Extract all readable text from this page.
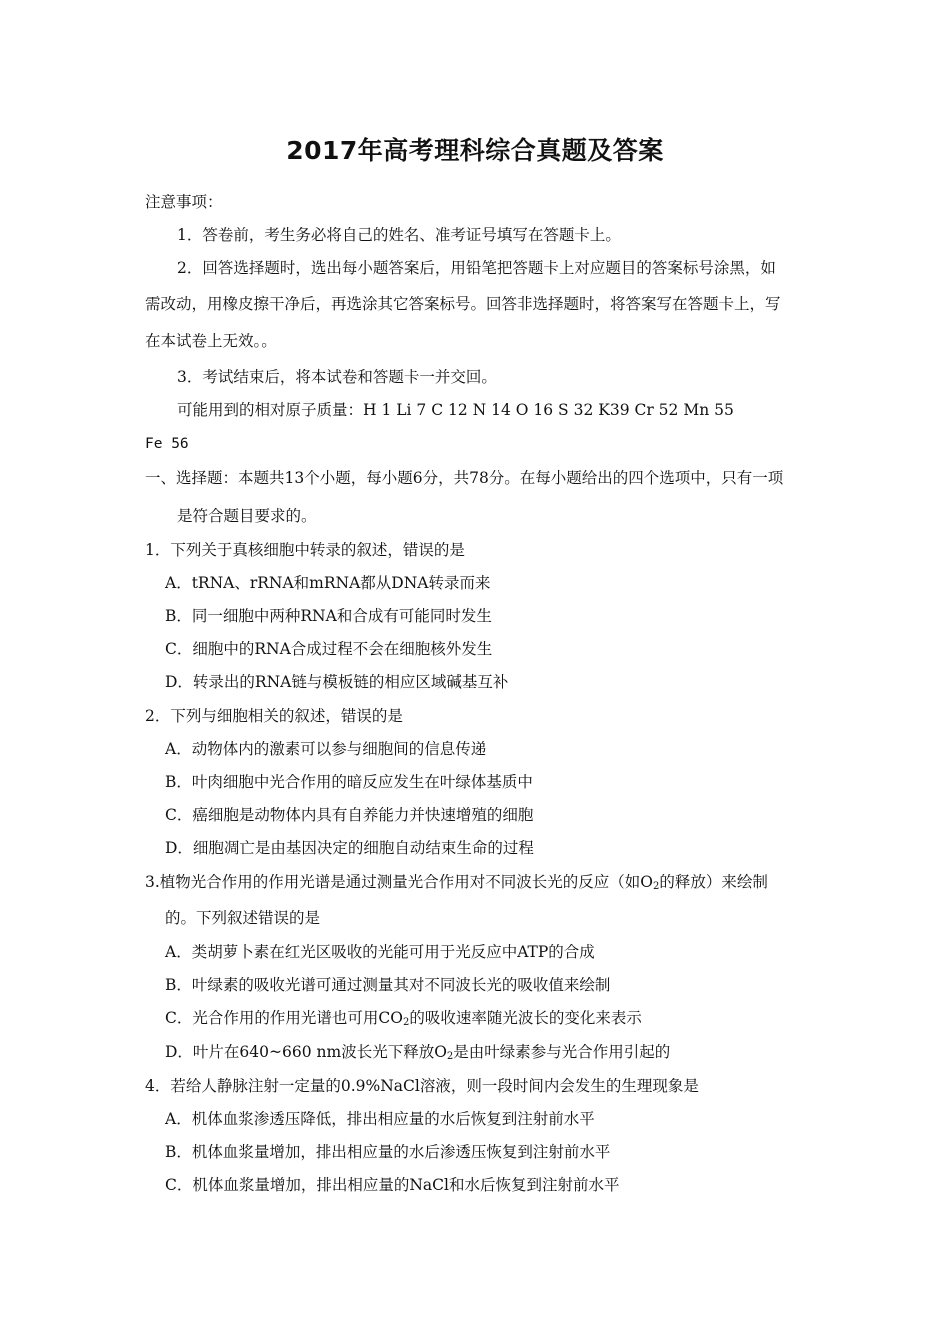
2017年高考理科综合真题及答案
注意事项：
1．答卷前，考生务必将自己的姓名、准考证号填写在答题卡上。
2．回答选择题时，选出每小题答案后，用铅笔把答题卡上对应题目的答案标号涂黑，如
需改动，用橡皮擦干净后，再选涂其它答案标号。回答非选择题时，将答案写在答题卡上，写
在本试卷上无效。。
3．考试结束后，将本试卷和答题卡一并交回。
可能用到的相对原子质量：H 1 Li 7 C 12 N 14 O 16 S 32 K39 Cr 52 Mn 55
Fe 56
一、选择题：本题共13个小题，每小题6分，共78分。在每小题给出的四个选项中，只有一项
是符合题目要求的。
1．下列关于真核细胞中转录的叙述，错误的是
A．tRNA、rRNA和mRNA都从DNA转录而来
B．同一细胞中两种RNA和合成有可能同时发生
C．细胞中的RNA合成过程不会在细胞核外发生
D．转录出的RNA链与模板链的相应区域碱基互补
2．下列与细胞相关的叙述，错误的是
A．动物体内的激素可以参与细胞间的信息传递
B．叶肉细胞中光合作用的暗反应发生在叶绿体基质中
C．癌细胞是动物体内具有自养能力并快速增殖的细胞
D．细胞凋亡是由基因决定的细胞自动结束生命的过程
3.植物光合作用的作用光谱是通过测量光合作用对不同波长光的反应（如$O_2$的释放）来绘制
的。下列叙述错误的是
A．类胡萝卜素在红光区吸收的光能可用于光反应中ATP的合成
B．叶绿素的吸收光谱可通过测量其对不同波长光的吸收值来绘制
C．光合作用的作用光谱也可用$CO_2$的吸收速率随光波长的变化来表示
D．叶片在640~660 nm波长光下释放$O_2$是由叶绿素参与光合作用引起的
4．若给人静脉注射一定量的0.9%NaCl溶液，则一段时间内会发生的生理现象是
A．机体血浆渗透压降低，排出相应量的水后恢复到注射前水平
B．机体血浆量增加，排出相应量的水后渗透压恢复到注射前水平
C．机体血浆量增加，排出相应量的NaCl和水后恢复到注射前水平
